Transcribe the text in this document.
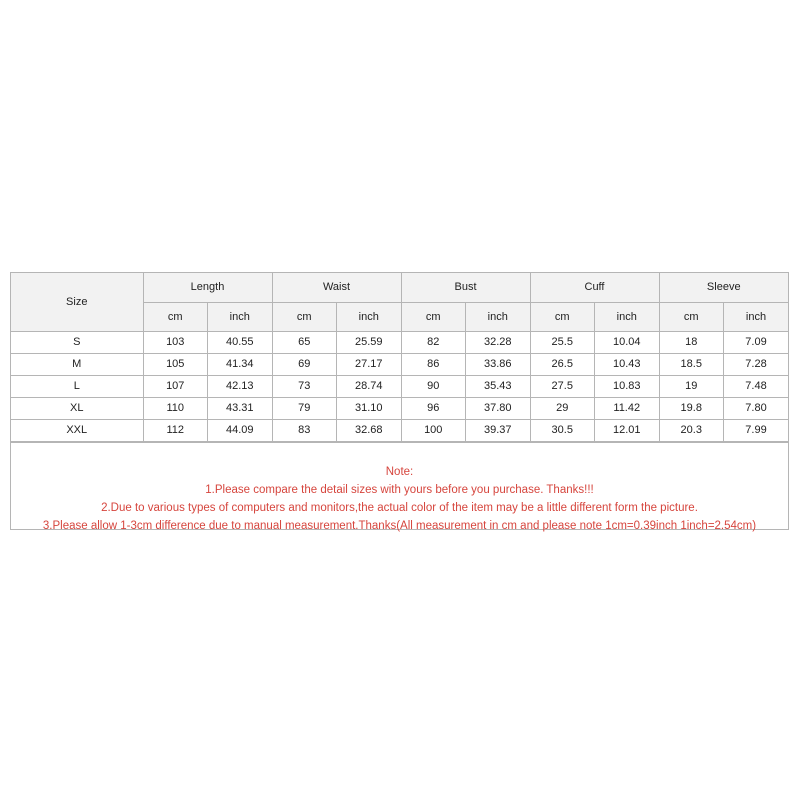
Size	Length		Waist		Bust		Cuff		Sleeve	
	cm	inch	cm	inch	cm	inch	cm	inch	cm	inch
S	103	40.55	65	25.59	82	32.28	25.5	10.04	18	7.09
M	105	41.34	69	27.17	86	33.86	26.5	10.43	18.5	7.28
L	107	42.13	73	28.74	90	35.43	27.5	10.83	19	7.48
XL	110	43.31	79	31.10	96	37.80	29	11.42	19.8	7.80
XXL	112	44.09	83	32.68	100	39.37	30.5	12.01	20.3	7.99
Note:
1.Please compare the detail sizes with yours before you purchase. Thanks!!!
2.Due to various types of computers and monitors,the actual color of the item may be a little different form the picture.
3.Please allow 1-3cm difference due to manual measurement.Thanks(All measurement in cm and please note 1cm=0.39inch 1inch=2.54cm)
